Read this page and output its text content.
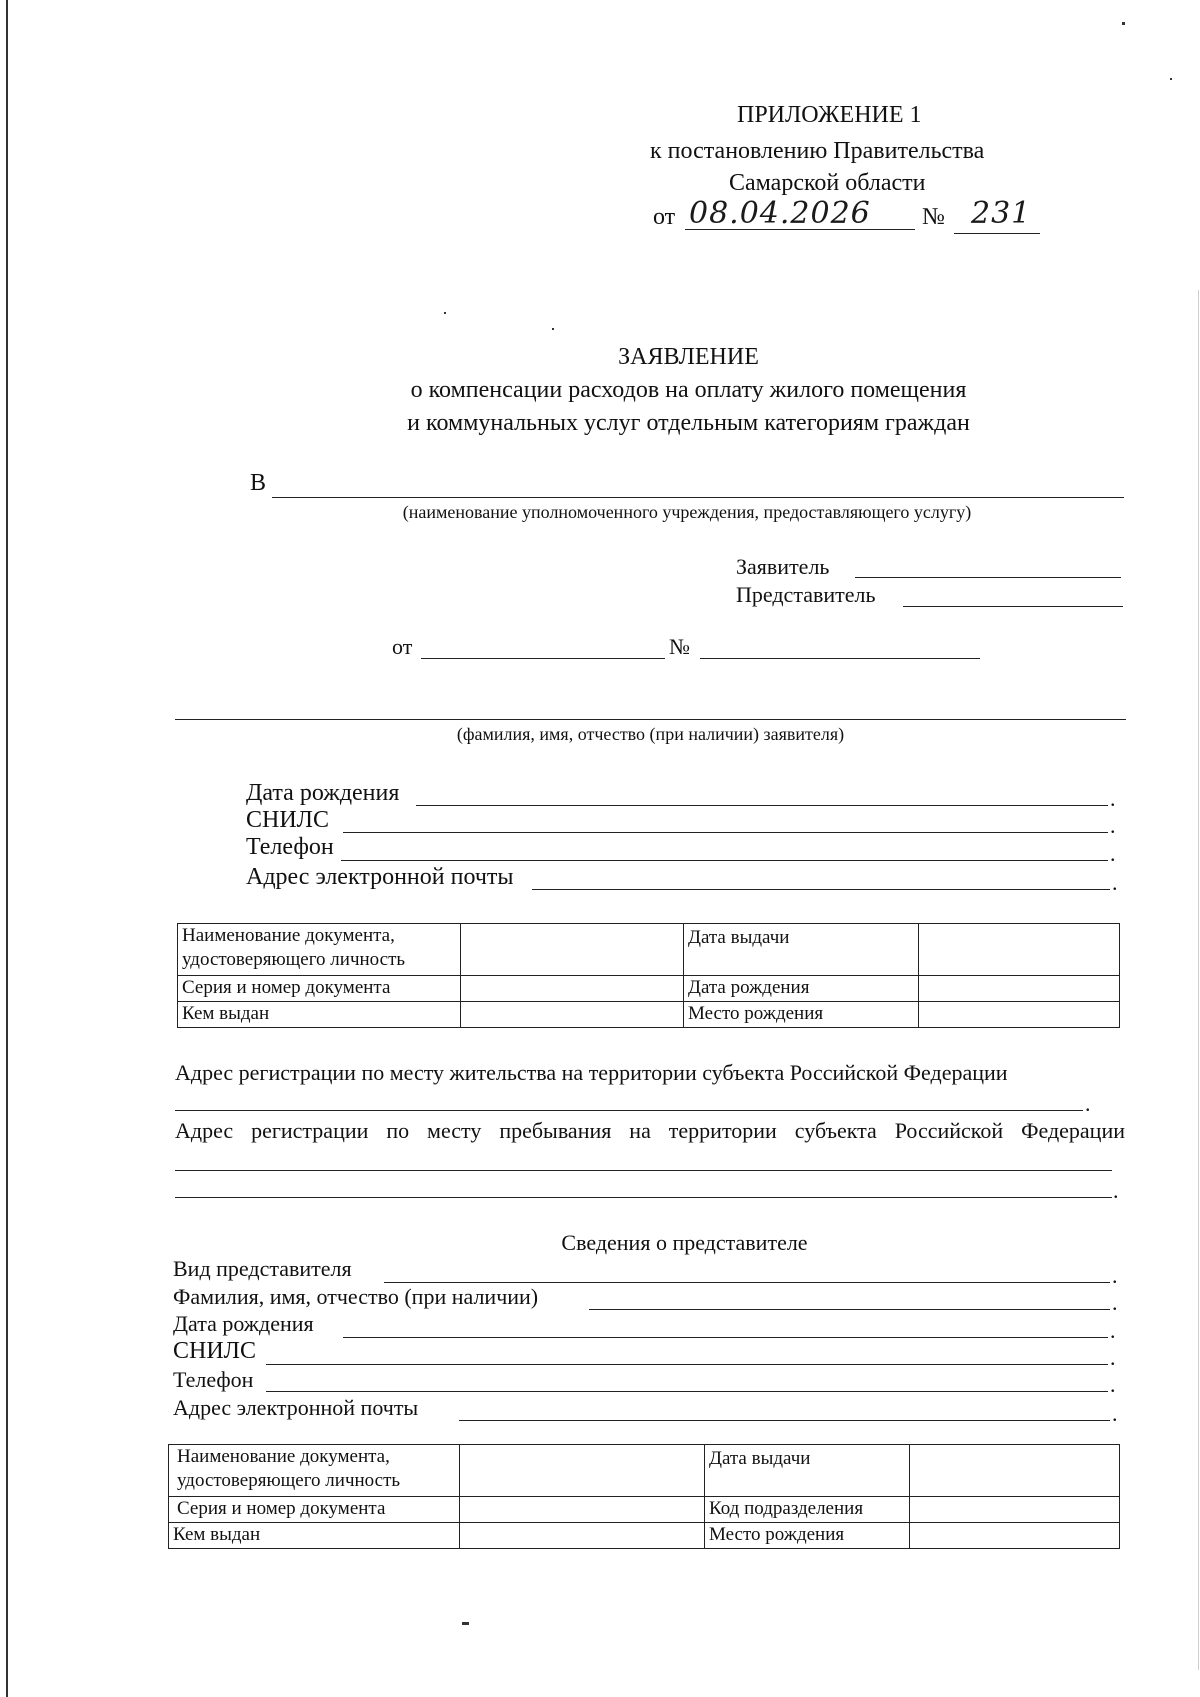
ПРИЛОЖЕНИЕ 1
к постановлению Правительства
Самарской области
от 08.04.2026 № 231
ЗАЯВЛЕНИЕ
о компенсации расходов на оплату жилого помещения
и коммунальных услуг отдельным категориям граждан
В
(наименование уполномоченного учреждения, предоставляющего услугу)
Заявитель
Представитель
от	№
(фамилия, имя, отчество (при наличии) заявителя)
Дата рождения	.
СНИЛС	.
Телефон	.
Адрес электронной почты	.
Наименование документа,
удостоверяющего личность		Дата выдачи	

Серия и номер документа		Дата рождения	
Кем выдан		Место рождения	
Адрес регистрации по месту жительства на территории субъекта Российской Федерации
.
Адрес регистрации по месту пребывания на территории субъекта Российской Федерации
.
Сведения о представителе
Вид представителя	.
Фамилия, имя, отчество (при наличии)	.
Дата рождения	.
СНИЛС	.
Телефон	.
Адрес электронной почты	.
Наименование документа,
удостоверяющего личность		Дата выдачи	

Серия и номер документа		Код подразделения	
Кем выдан		Место рождения	
